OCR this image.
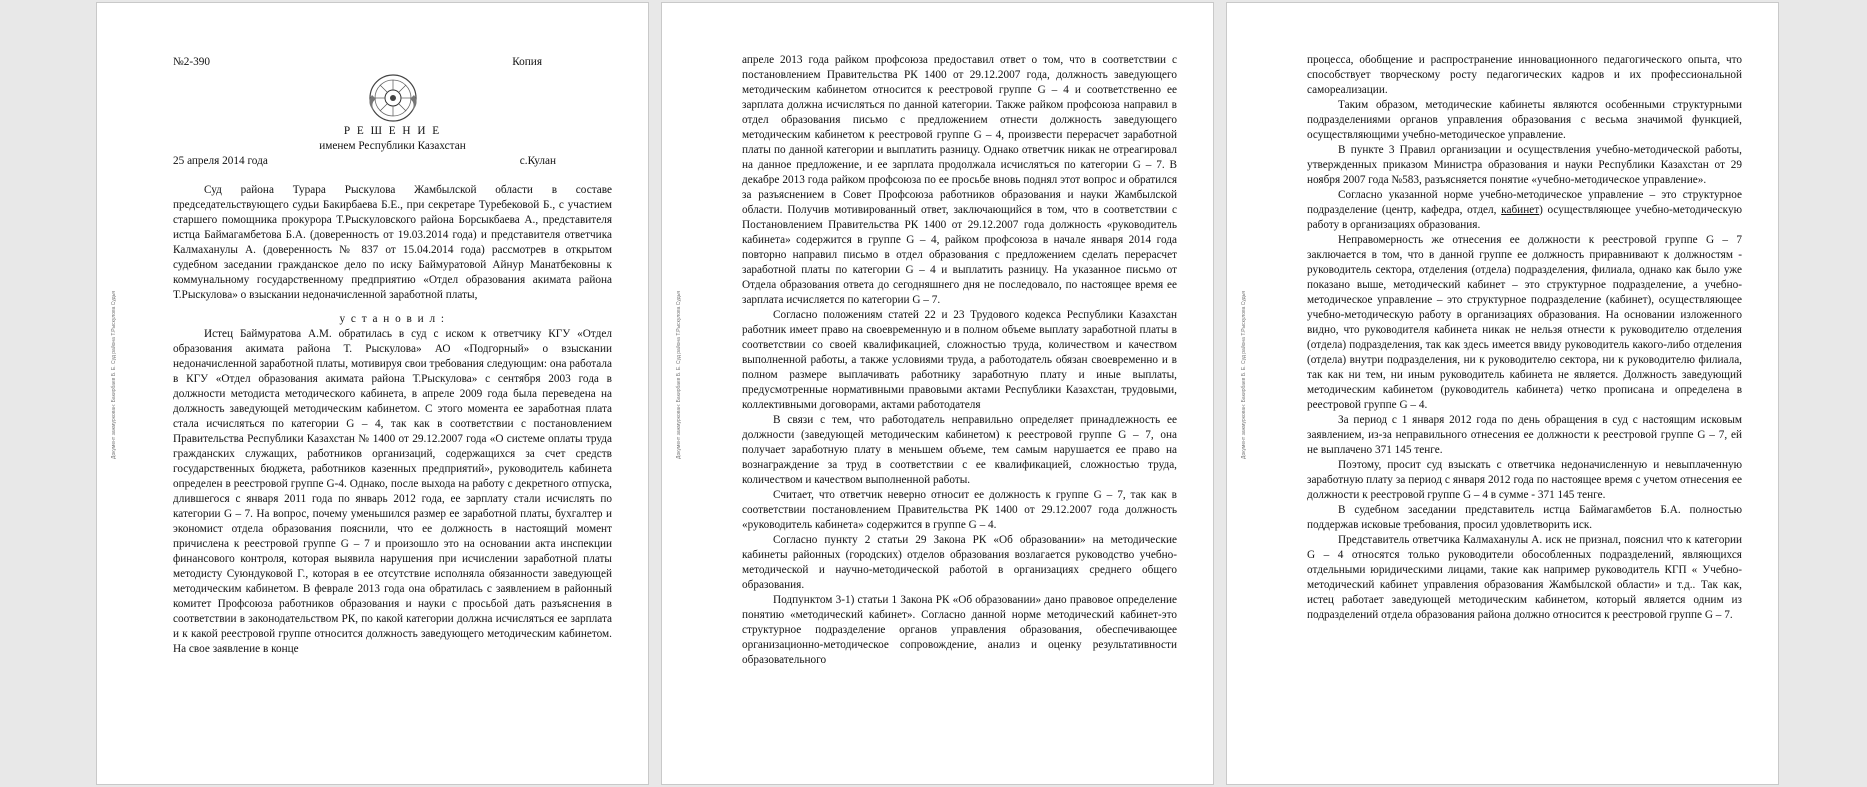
Документ зажмуркован: Бакирбаев Б. Е. Суд района Т.Рыскулова Судья
№2-390	Копия
Р Е Ш Е Н И Е
именем Республики Казахстан
25 апреля 2014 года	с.Кулан

Суд района Турара Рыскулова Жамбылской области в составе председательствующего судьи Бакирбаева Б.Е., при секретаре Туребековой Б., с участием старшего помощника прокурора Т.Рыскуловского района Борсыкбаева А., представителя истца Баймагамбетова Б.А. (доверенность от 19.03.2014 года) и представителя ответчика Калмаханулы А. (доверенность № 837 от 15.04.2014 года) рассмотрев в открытом судебном заседании гражданское дело по иску Баймуратовой Айнур Манатбековны к коммунальному государственному предприятию «Отдел образования акимата района Т.Рыскулова» о взыскании недоначисленной заработной платы,

у с т а н о в и л :

Истец Баймуратова А.М. обратилась в суд с иском к ответчику КГУ «Отдел образования акимата района Т. Рыскулова» АО «Подгорный» о взыскании недоначисленной заработной платы, мотивируя свои требования следующим: она работала в КГУ «Отдел образования акимата района Т.Рыскулова» с сентября 2003 года в должности методиста методического кабинета, в апреле 2009 года была переведена на должность заведующей методическим кабинетом. С этого момента ее заработная плата стала исчисляться по категории G – 4, так как в соответствии с постановлением Правительства Республики Казахстан № 1400 от 29.12.2007 года «О системе оплаты труда гражданских служащих, работников организаций, содержащихся за счет средств государственных бюджета, работников казенных предприятий», руководитель кабинета определен в реестровой группе G-4. Однако, после выхода на работу с декретного отпуска, длившегося с января 2011 года по январь 2012 года, ее зарплату стали исчислять по категории G – 7. На вопрос, почему уменьшился размер ее заработной платы, бухгалтер и экономист отдела образования пояснили, что ее должность в настоящий момент причислена к реестровой группе G – 7 и произошло это на основании акта инспекции финансового контроля, которая выявила нарушения при исчислении заработной платы методисту Суюндуковой Г., которая в ее отсутствие исполняла обязанности заведующей методическим кабинетом. В феврале 2013 года она обратилась с заявлением в районный комитет Профсоюза работников образования и науки с просьбой дать разъяснения в соответствии в законодательством РК, по какой категории должна исчисляться ее зарплата и к какой реестровой группе относится должность заведующего методическим кабинетом. На свое заявление в конце

Документ зажмуркован: Бакирбаев Б. Е. Суд района Т.Рыскулова Судья

апреле 2013 года райком профсоюза предоставил ответ о том, что в соответствии с постановлением Правительства РК 1400 от 29.12.2007 года, должность заведующего методическим кабинетом относится к реестровой группе G – 4 и соответственно ее зарплата должна исчисляться по данной категории. Также райком профсоюза направил в отдел образования письмо с предложением отнести должность заведующего методическим кабинетом к реестровой группе G – 4, произвести перерасчет заработной платы по данной категории и выплатить разницу. Однако ответчик никак не отреагировал на данное предложение, и ее зарплата продолжала исчисляться по категории G – 7. В декабре 2013 года райком профсоюза по ее просьбе вновь поднял этот вопрос и обратился за разъяснением в Совет Профсоюза работников образования и науки Жамбылской области. Получив мотивированный ответ, заключающийся в том, что в соответствии с Постановлением Правительства РК 1400 от 29.12.2007 года должность «руководитель кабинета» содержится в группе G – 4, райком профсоюза в начале января 2014 года повторно направил письмо в отдел образования с предложением сделать перерасчет заработной платы по категории G – 4 и выплатить разницу. На указанное письмо от Отдела образования ответа до сегодняшнего дня не последовало, по настоящее время ее зарплата исчисляется по категории G – 7.

Согласно положениям статей 22 и 23 Трудового кодекса Республики Казахстан работник имеет право на своевременную и в полном объеме выплату заработной платы в соответствии со своей квалификацией, сложностью труда, количеством и качеством выполненной работы, а также условиями труда, а работодатель обязан своевременно и в полном размере выплачивать работнику заработную плату и иные выплаты, предусмотренные нормативными правовыми актами Республики Казахстан, трудовыми, коллективными договорами, актами работодателя

В связи с тем, что работодатель неправильно определяет принадлежность ее должности (заведующей методическим кабинетом) к реестровой группе G – 7, она получает заработную плату в меньшем объеме, тем самым нарушается ее право на вознаграждение за труд в соответствии с ее квалификацией, сложностью труда, количеством и качеством выполненной работы.

Считает, что ответчик неверно относит ее должность к группе G – 7, так как в соответствии постановлением Правительства РК 1400 от 29.12.2007 года должность «руководитель кабинета» содержится в группе G – 4.

Согласно пункту 2 статьи 29 Закона РК «Об образовании» на методические кабинеты районных (городских) отделов образования возлагается руководство учебно-методической и научно-методической работой в организациях среднего общего образования.

Подпунктом 3-1) статьи 1 Закона РК «Об образовании» дано правовое определение понятию «методический кабинет». Согласно данной норме методический кабинет-это структурное подразделение органов управления образования, обеспечивающее организационно-методическое сопровождение, анализ и оценку результативности образовательного

Документ зажмуркован: Бакирбаев Б. Е. Суд района Т.Рыскулова Судья

процесса, обобщение и распространение инновационного педагогического опыта, что способствует творческому росту педагогических кадров и их профессиональной самореализации.

Таким образом, методические кабинеты являются особенными структурными подразделениями органов управления образования с весьма значимой функцией, осуществляющими учебно-методическое управление.

В пункте 3 Правил организации и осуществления учебно-методической работы, утвержденных приказом Министра образования и науки Республики Казахстан от 29 ноября 2007 года №583, разъясняется понятие «учебно-методическое управление».

Согласно указанной норме учебно-методическое управление – это структурное подразделение (центр, кафедра, отдел, кабинет) осуществляющее учебно-методическую работу в организациях образования.

Неправомерность же отнесения ее должности к реестровой группе G – 7 заключается в том, что в данной группе ее должность приравнивают к должностям - руководитель сектора, отделения (отдела) подразделения, филиала, однако как было уже показано выше, методический кабинет – это структурное подразделение, а учебно-методическое управление – это структурное подразделение (кабинет), осуществляющее учебно-методическую работу в организациях образования. На основании изложенного видно, что руководителя кабинета никак не нельзя отнести к руководителю отделения (отдела) подразделения, так как здесь имеется ввиду руководитель какого-либо отделения (отдела) внутри подразделения, ни к руководителю сектора, ни к руководителю филиала, так как ни тем, ни иным руководитель кабинета не является. Должность заведующий методическим кабинетом (руководитель кабинета) четко прописана и определена в реестровой группе G – 4.

За период с 1 января 2012 года по день обращения в суд с настоящим исковым заявлением, из-за неправильного отнесения ее должности к реестровой группе G – 7, ей не выплачено 371 145 тенге.

Поэтому, просит суд взыскать с ответчика недоначисленную и невыплаченную заработную плату за период с января 2012 года по настоящее время с учетом отнесения ее должности к реестровой группе G – 4 в сумме - 371 145 тенге.

В судебном заседании представитель истца Баймагамбетов Б.А. полностью поддержав исковые требования, просил удовлетворить иск.

Представитель ответчика Калмаханулы А. иск не признал, пояснил что к категории G – 4 относятся только руководители обособленных подразделений, являющихся отдельными юридическими лицами, такие как например руководитель КГП « Учебно-методический кабинет управления образования Жамбылской области» и т.д.. Так как, истец работает заведующей методическим кабинетом, который является одним из подразделений отдела образования района должно относится к реестровой группе G – 7.
